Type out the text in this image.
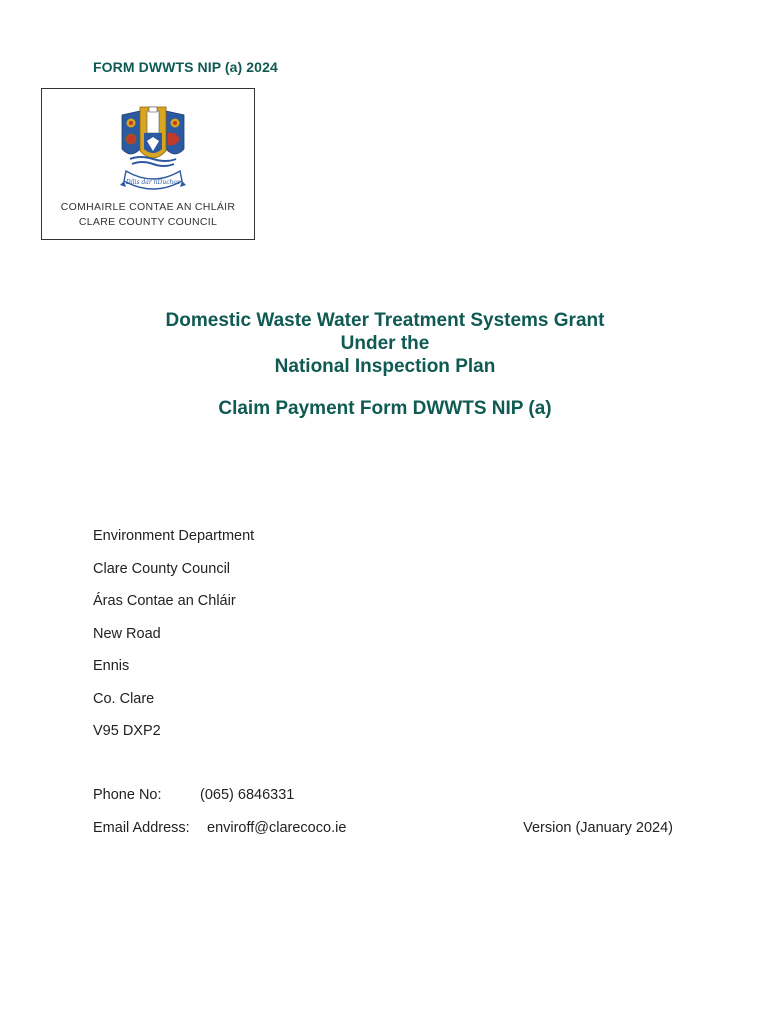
FORM DWWTS NIP (a) 2024
Dílis dár nDúchas
COMHAIRLE CONTAE AN CHLÁIR
CLARE COUNTY COUNCIL
Domestic Waste Water Treatment Systems Grant
Under the
National Inspection Plan
Claim Payment Form DWWTS NIP (a)
Environment Department
Clare County Council
Áras Contae an Chláir
New Road
Ennis
Co. Clare
V95 DXP2
Phone No:	(065) 6846331
Email Address: enviroff@clarecoco.ie	Version (January 2024)
